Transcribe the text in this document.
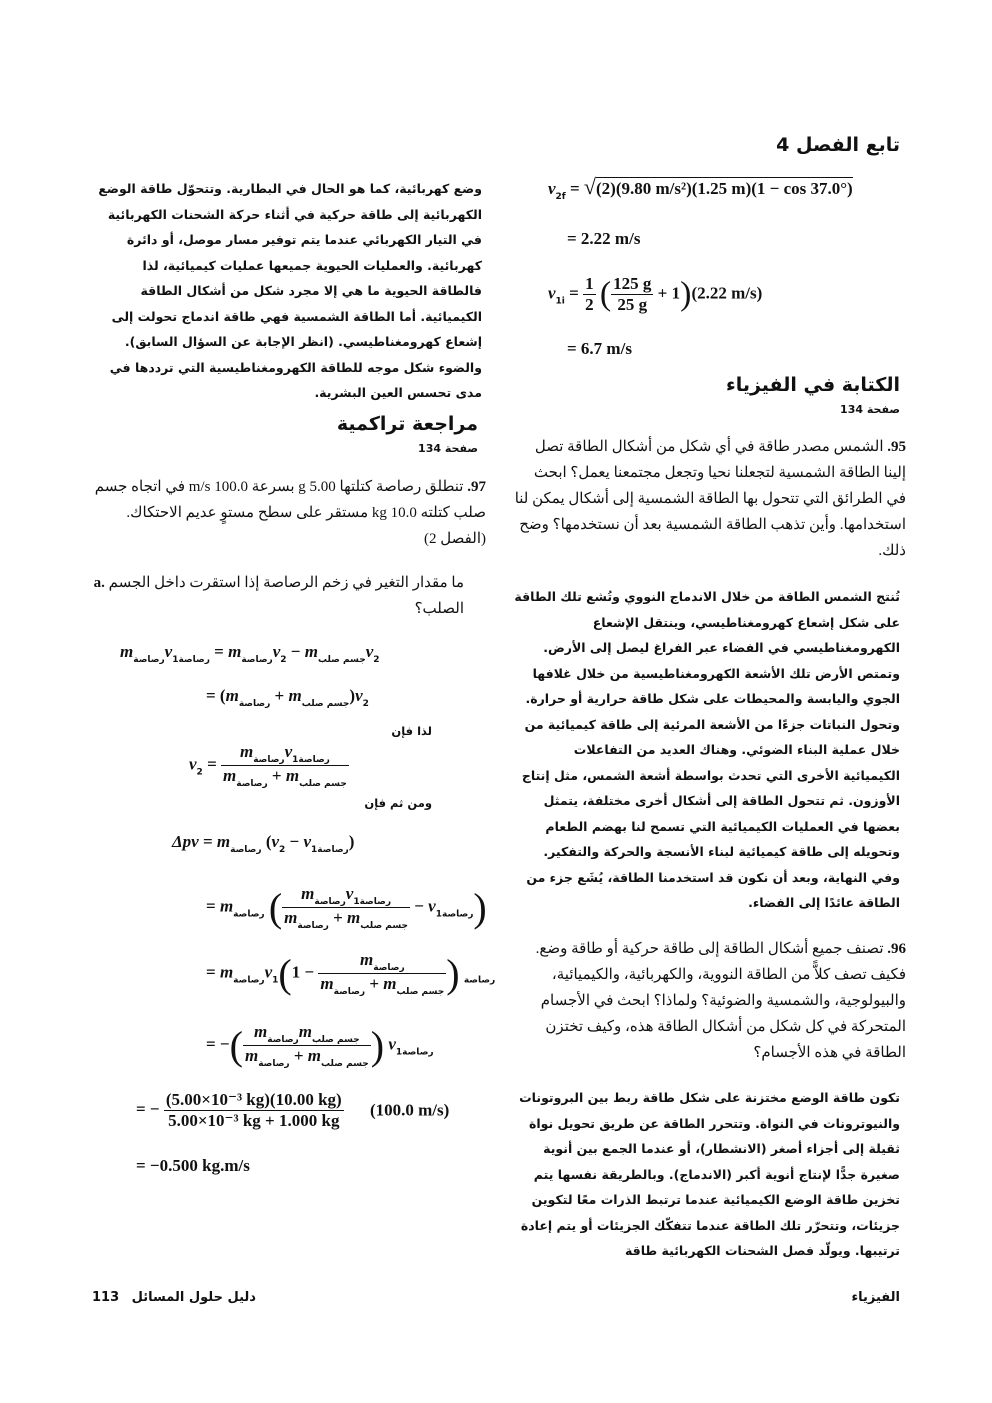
تابع الفصل 4
$v_{2f} = √(2)(9.80$ m/s²)(1.25 m)(1 − cos 37.0°)
= 2.22 m/s
$v_{1i} = \frac{1}{2}$ ( $\frac{125 g}{25 g} + 1)(2.22$ m/s)
= 6.7 m/s
الكتابة في الفيزياء
صفحة 134
95. الشمس مصدر طاقة في أي شكل من أشكال الطاقة تصل إلينا الطاقة الشمسية لتجعلنا نحيا وتجعل مجتمعنا يعمل؟ ابحث في الطرائق التي تتحول بها الطاقة الشمسية إلى أشكال يمكن لنا استخدامها. وأين تذهب الطاقة الشمسية بعد أن نستخدمها؟ وضح ذلك.
تُنتج الشمس الطاقة من خلال الاندماج النووي وتُشع تلك الطاقة على شكل إشعاع كهرومغناطيسي، وينتقل الإشعاع الكهرومغناطيسي في الفضاء عبر الفراغ ليصل إلى الأرض. وتمتص الأرض تلك الأشعة الكهرومغناطيسية من خلال غلافها الجوي واليابسة والمحيطات على شكل طاقة حرارية أو حرارة. وتحول النباتات جزءًا من الأشعة المرئية إلى طاقة كيميائية من خلال عملية البناء الضوئي. وهناك العديد من التفاعلات الكيميائية الأخرى التي تحدث بواسطة أشعة الشمس، مثل إنتاج الأوزون. ثم تتحول الطاقة إلى أشكال أخرى مختلفة، يتمثل بعضها في العمليات الكيميائية التي تسمح لنا بهضم الطعام وتحويله إلى طاقة كيميائية لبناء الأنسجة والحركة والتفكير. وفي النهاية، وبعد أن نكون قد استخدمنا الطاقة، يُشَع جزء من الطاقة عائدًا إلى الفضاء.
96. تصنف جميع أشكال الطاقة إلى طاقة حركية أو طاقة وضع. فكيف تصف كلاًّ من الطاقة النووية، والكهربائية، والكيميائية، والبيولوجية، والشمسية والضوئية؟ ولماذا؟ ابحث في الأجسام المتحركة في كل شكل من أشكال الطاقة هذه، وكيف تختزن الطاقة في هذه الأجسام؟
تكون طاقة الوضع مختزنة على شكل طاقة ربط بين البروتونات والنيوترونات في النواة. وتتحرر الطاقة عن طريق تحويل نواة ثقيلة إلى أجزاء أصغر (الانشطار)، أو عندما الجمع بين أنوية صغيرة جدًّا لإنتاج أنوية أكبر (الاندماج). وبالطريقة نفسها يتم تخزين طاقة الوضع الكيميائية عندما ترتبط الذرات معًا لتكوين جزيئات، وتتحرّر تلك الطاقة عندما تتفكّك الجزيئات أو يتم إعادة ترتيبها. ويولّد فصل الشحنات الكهربائية طاقة
وضع كهربائية، كما هو الحال في البطارية. وتتحوّل طاقة الوضع الكهربائية إلى طاقة حركية في أثناء حركة الشحنات الكهربائية في التيار الكهربائي عندما يتم توفير مسار موصل، أو دائرة كهربائية. والعمليات الحيوية جميعها عمليات كيميائية، لذا فالطاقة الحيوية ما هي إلا مجرد شكل من أشكال الطاقة الكيميائية. أما الطاقة الشمسية فهي طاقة اندماج تحولت إلى إشعاع كهرومغناطيسي. (انظر الإجابة عن السؤال السابق). والضوء شكل موجه للطاقة الكهرومغناطيسية التي ترددها في مدى تحسس العين البشرية.
مراجعة تراكمية
صفحة 134
97. تنطلق رصاصة كتلتها 5.00 g بسرعة 100.0 m/s في اتجاه جسم صلب كتلته 10.0 kg مستقر على سطح مستوٍ عديم الاحتكاك. (الفصل 2)
a. ما مقدار التغير في زخم الرصاصة إذا استقرت داخل الجسم الصلب؟
$m_{رصاصة}v_{1رصاصة} = m_{رصاصة}v_2 - m_{جسم صلب}v_2$
= $(m_{رصاصة} + m_{جسم صلب})v_2$
لذا فإن
$v_2 = \frac{m_{رصاصة}v_{1رصاصة}}{m_{رصاصة} + m_{جسم صلب}}$
ومن ثم فإن
$\Delta pv = m_{رصاصة}$ $(v_2 - v_{1رصاصة})$
= $m_{رصاصة}$ ( $\frac{m_{رصاصة}v_{1رصاصة}}{m_{رصاصة} + m_{جسم صلب}} - v_{1رصاصة}$)
= $m_{رصاصة}v_{1 رصاصة}$ (
$\frac{m_{رصاصة}}{m_{رصاصة} + m_{جسم صلب}}$
− 1)
= −( $\frac{m_{رصاصة}m_{جسم صلب}}{m_{رصاصة} + m_{جسم صلب}}$ ) $v_{1رصاصة}$
= − $\frac{\text{(5.00×10⁻³ kg)(10.00 kg)}}{\text{5.00×10⁻³ kg + 1.000 kg}} (100.0$ m/s)
= −0.500 kg.m/s
الفيزياء
113 دليل حلول المسائل
